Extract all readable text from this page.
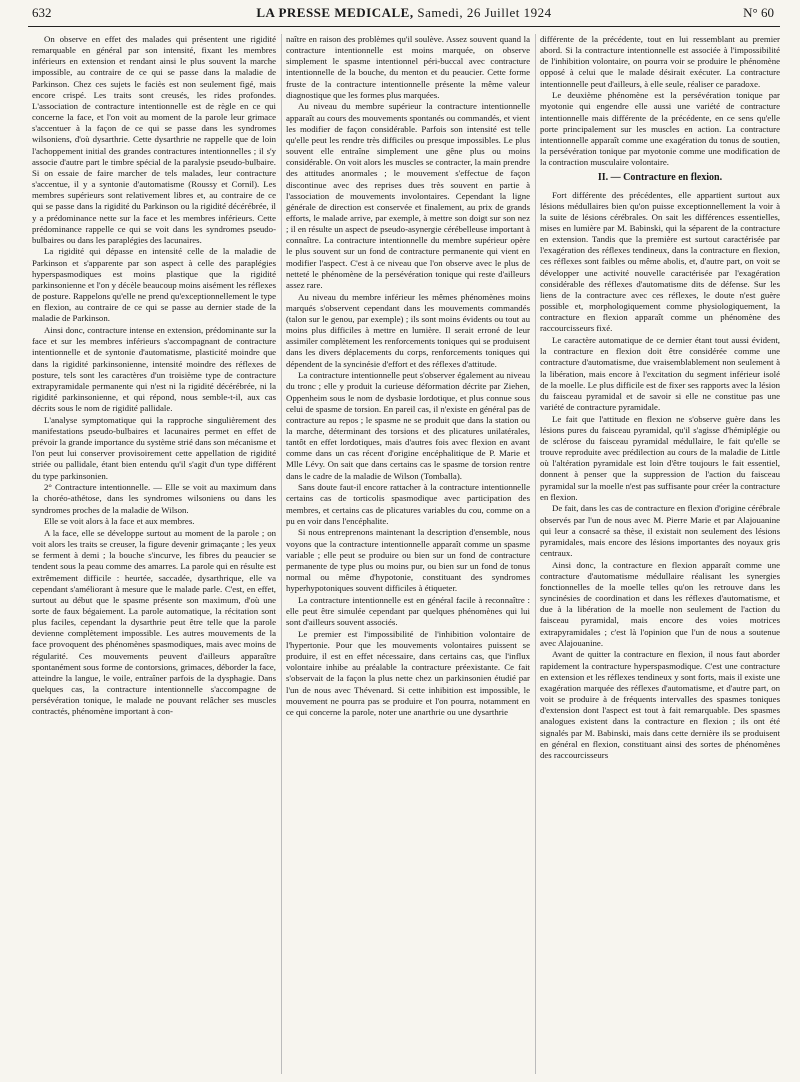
632	LA PRESSE MEDICALE, Samedi, 26 Juillet 1924	N° 60

On observe en effet des malades qui présentent une rigidité remarquable en général par son intensité, fixant les membres inférieurs en extension et rendant ainsi le plus souvent la marche impossible, au contraire de ce qui se passe dans la maladie de Parkinson. Chez ces sujets le faciès est non seulement figé, mais encore crispé. Les traits sont creusés, les rides profondes. L'association de contracture intentionnelle est de règle en ce qui concerne la face, et l'on voit au moment de la parole leur grimace s'accentuer à la façon de ce qui se passe dans les syndromes wilsoniens, d'où dysarthrie. Cette dysarthrie ne rappelle que de loin l'achoppement initial des grandes contractures intentionnelles ; il s'y associe d'autre part le timbre spécial de la paralysie pseudo-bulbaire. Si on essaie de faire marcher de tels malades, leur contracture s'accentue, il y a syntonie d'automatisme (Roussy et Cornil). Les membres supérieurs sont relativement libres et, au contraire de ce qui se passe dans la rigidité du Parkinson ou la rigidité décérébrée, il y a prédominance nette sur la face et les membres inférieurs. Cette prédominance rappelle ce qui se voit dans les syndromes pseudo-bulbaires ou dans les paraplégies des lacunaires.

La rigidité qui dépasse en intensité celle de la maladie de Parkinson et s'apparente par son aspect à celle des paraplégies hyperspasmodiques est moins plastique que la rigidité parkinsonienne et l'on y décèle beaucoup moins aisément les réflexes de posture. Rappelons qu'elle ne prend qu'exceptionnellement le type en flexion, au contraire de ce qui se passe au dernier stade de la maladie de Parkinson.

Ainsi donc, contracture intense en extension, prédominante sur la face et sur les membres inférieurs s'accompagnant de contracture intentionnelle et de syntonie d'automatisme, plasticité moindre que dans la rigidité parkinsonienne, intensité moindre des réflexes de posture, tels sont les caractères d'un troisième type de contracture extrapyramidale permanente qui n'est ni la rigidité décérébrée, ni la rigidité parkinsonienne, et qui répond, nous semble-t-il, aux cas décrits sous le nom de rigidité pallidale.

L'analyse symptomatique qui la rapproche singulièrement des manifestations pseudo-bulbaires et lacunaires permet en effet de prévoir la grande importance du système strié dans son mécanisme et l'on peut lui conserver provisoirement cette appellation de rigidité striée ou pallidale, étant bien entendu qu'il s'agit d'un type différent du type parkinsonien.

2° Contracture intentionnelle. — Elle se voit au maximum dans la choréo-athétose, dans les syndromes wilsoniens ou dans les syndromes proches de la maladie de Wilson.

Elle se voit alors à la face et aux membres.

A la face, elle se développe surtout au moment de la parole ; on voit alors les traits se creuser, la figure devenir grimaçante ; les yeux se ferment à demi ; la bouche s'incurve, les fibres du peaucier se tendent sous la peau comme des amarres. La parole qui en résulte est extrêmement difficile : heurtée, saccadée, dysarthrique, elle va cependant s'améliorant à mesure que le malade parle. C'est, en effet, surtout au début que le spasme présente son maximum, d'où une sorte de faux bégaiement. La parole automatique, la récitation sont plus faciles, cependant la dysarthrie peut être telle que la parole devienne complètement impossible. Les autres mouvements de la face provoquent des phénomènes spasmodiques, mais avec moins de régularité. Ces mouvements peuvent d'ailleurs apparaître spontanément sous forme de contorsions, grimaces, déborder la face, atteindre la langue, le voile, entraîner parfois de la dysphagie. Dans quelques cas, la contracture intentionnelle s'accompagne de persévération tonique, le malade ne pouvant relâcher ses muscles contractés, phénomène important à con-

naître en raison des problèmes qu'il soulève. Assez souvent quand la contracture intentionnelle est moins marquée, on observe simplement le spasme intentionnel péri-buccal avec contracture intentionnelle de la bouche, du menton et du peaucier. Cette forme fruste de la contracture intentionnelle présente la même valeur diagnostique que les formes plus marquées.

Au niveau du membre supérieur la contracture intentionnelle apparaît au cours des mouvements spontanés ou commandés, et vient les modifier de façon considérable. Parfois son intensité est telle qu'elle peut les rendre très difficiles ou presque impossibles. Le plus souvent elle entraîne simplement une gêne plus ou moins considérable. On voit alors les muscles se contracter, la main prendre des attitudes anormales ; le mouvement s'effectue de façon discontinue avec des reprises dues très souvent en partie à l'association de mouvements involontaires. Cependant la ligne générale de direction est conservée et finalement, au prix de grands efforts, le malade arrive, par exemple, à mettre son doigt sur son nez ; il en résulte un aspect de pseudo-asynergie cérébelleuse important à connaître. La contracture intentionnelle du membre supérieur opère le plus souvent sur un fond de contracture permanente qui vient en modifier l'aspect. C'est à ce niveau que l'on observe avec le plus de netteté le phénomène de la persévération tonique qui reste d'ailleurs assez rare.

Au niveau du membre inférieur les mêmes phénomènes moins marqués s'observent cependant dans les mouvements commandés (talon sur le genou, par exemple) ; ils sont moins évidents ou tout au moins plus difficiles à mettre en lumière. Il serait erroné de leur assimiler complètement les renforcements toniques qui se produisent dans les divers déplacements du corps, renforcements toniques qui dépendent de la syncinésie d'effort et des réflexes d'attitude.

La contracture intentionnelle peut s'observer également au niveau du tronc ; elle y produit la curieuse déformation décrite par Ziehen, Oppenheim sous le nom de dysbasie lordotique, et plus connue sous celui de spasme de torsion. En pareil cas, il n'existe en général pas de contracture au repos ; le spasme ne se produit que dans la station ou la marche, déterminant des torsions et des plicatures unilatérales, tantôt en effet lordotiques, mais d'autres fois avec flexion en avant comme dans un cas récent d'origine encéphalitique de P. Marie et Mlle Lévy. On sait que dans certains cas le spasme de torsion rentre dans le cadre de la maladie de Wilson (Tomballa).

Sans doute faut-il encore rattacher à la contracture intentionnelle certains cas de torticolis spasmodique avec participation des membres, et certains cas de plicatures variables du cou, comme on a pu en voir dans l'encéphalite.

Si nous entreprenons maintenant la description d'ensemble, nous voyons que la contracture intentionnelle apparaît comme un spasme variable ; elle peut se produire ou bien sur un fond de contracture permanente de type plus ou moins pur, ou bien sur un fond de tonus normal ou même d'hypotonie, constituant des syndromes hyperhypotoniques souvent difficiles à étiqueter.

La contracture intentionnelle est en général facile à reconnaître : elle peut être simulée cependant par quelques phénomènes qui lui sont d'ailleurs souvent associés.

Le premier est l'impossibilité de l'inhibition volontaire de l'hypertonie. Pour que les mouvements volontaires puissent se produire, il est en effet nécessaire, dans certains cas, que l'influx volontaire inhibe au préalable la contracture préexistante. Ce fait s'observait de la façon la plus nette chez un parkinsonien étudié par l'un de nous avec Thévenard. Si cette inhibition est impossible, le mouvement ne pourra pas se produire et l'on pourra, notamment en ce qui concerne la parole, noter une anarthrie ou une dysarthrie

différente de la précédente, tout en lui ressemblant au premier abord. Si la contracture intentionnelle est associée à l'impossibilité de l'inhibition volontaire, on pourra voir se produire le phénomène opposé à celui que le malade désirait exécuter. La contracture intentionnelle peut d'ailleurs, à elle seule, réaliser ce paradoxe.

Le deuxième phénomène est la persévération tonique par myotonie qui engendre elle aussi une variété de contracture intentionnelle mais différente de la précédente, en ce sens qu'elle porte principalement sur les muscles en action. La contracture intentionnelle apparaît comme une exagération du tonus de soutien, la persévération tonique par myotonie comme une modification de la contraction musculaire volontaire.

II. — Contracture en flexion.

Fort différente des précédentes, elle appartient surtout aux lésions médullaires bien qu'on puisse exceptionnellement la voir à la suite de lésions cérébrales. On sait les différences essentielles, mises en lumière par M. Babinski, qui la séparent de la contracture en extension. Tandis que la première est surtout caractérisée par l'exagération des réflexes tendineux, dans la contracture en flexion, ces réflexes sont faibles ou même abolis, et, d'autre part, on voit se développer une activité nouvelle caractérisée par l'exagération considérable des réflexes d'automatisme dits de défense. Sur les liens de la contracture avec ces réflexes, le doute n'est guère possible et, morphologiquement comme physiologiquement, la contracture en flexion apparaît comme un phénomène des raccourcisseurs fixé.

Le caractère automatique de ce dernier étant tout aussi évident, la contracture en flexion doit être considérée comme une contracture d'automatisme, due vraisemblablement non seulement à la libération, mais encore à l'excitation du segment inférieur isolé de la moelle. Le plus difficile est de fixer ses rapports avec la lésion du faisceau pyramidal et de savoir si elle ne constitue pas une variété de contracture pyramidale.

Le fait que l'attitude en flexion ne s'observe guère dans les lésions pures du faisceau pyramidal, qu'il s'agisse d'hémiplégie ou de sclérose du faisceau pyramidal médullaire, le fait qu'elle se trouve reproduite avec prédilection au cours de la maladie de Little où l'altération pyramidale est loin d'être toujours le fait essentiel, donnent à penser que la suppression de l'action du faisceau pyramidal sur la moelle n'est pas suffisante pour créer la contracture en flexion.

De fait, dans les cas de contracture en flexion d'origine cérébrale observés par l'un de nous avec M. Pierre Marie et par Alajouanine qui leur a consacré sa thèse, il existait non seulement des lésions pyramidales, mais encore des lésions importantes des noyaux gris centraux.

Ainsi donc, la contracture en flexion apparaît comme une contracture d'automatisme médullaire réalisant les synergies fonctionnelles de la moelle telles qu'on les retrouve dans les syncinésies de coordination et dans les réflexes d'automatisme, et due à la libération de la moelle non seulement de l'action du faisceau pyramidal, mais encore des voies motrices extrapyramidales ; c'est là l'opinion que l'un de nous a soutenue avec Alajouanine.

Avant de quitter la contracture en flexion, il nous faut aborder rapidement la contracture hyperspasmodique. C'est une contracture en extension et les réflexes tendineux y sont forts, mais il existe une exagération marquée des réflexes d'automatisme, et d'autre part, on voit se produire à de fréquents intervalles des spasmes toniques d'extension dont l'aspect est tout à fait remarquable. Des spasmes analogues existent dans la contracture en flexion ; ils ont été signalés par M. Babinski, mais dans cette dernière ils se produisent en général en flexion, constituant ainsi des sortes de phénomènes des raccourcisseurs
